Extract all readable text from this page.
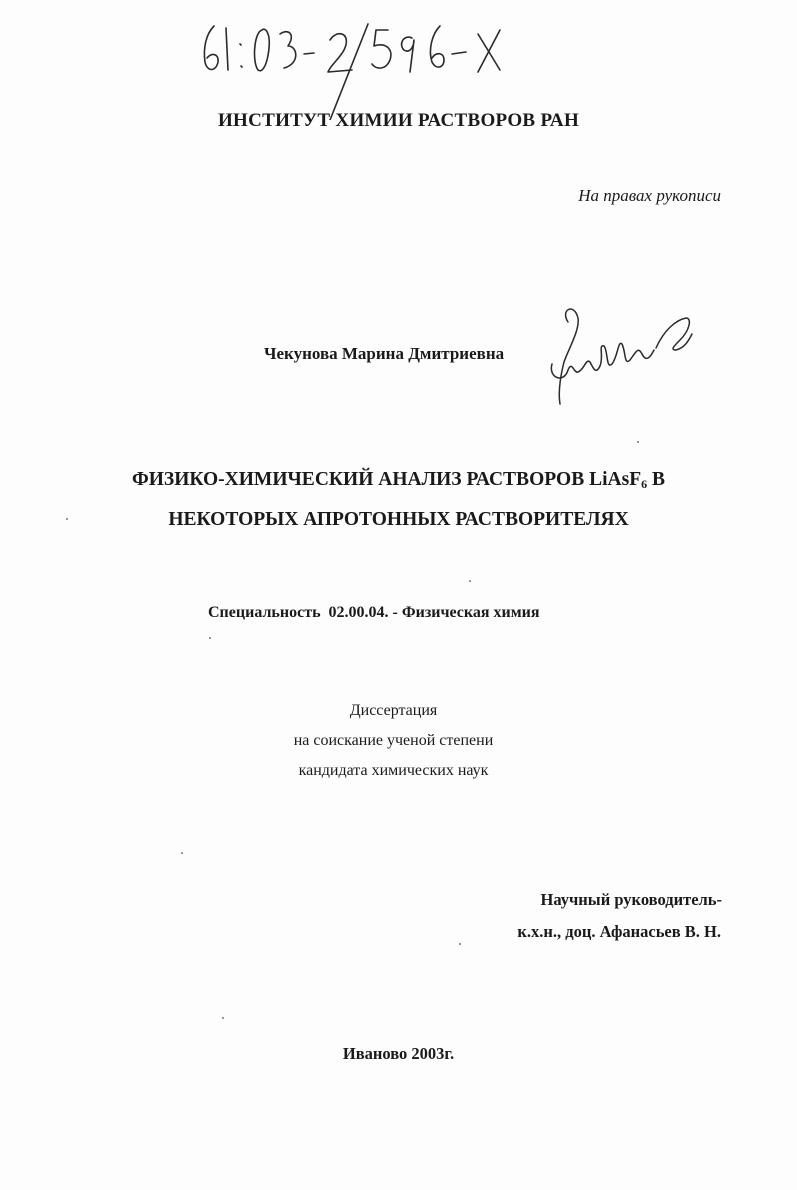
ИНСТИТУТ ХИМИИ РАСТВОРОВ РАН
На правах рукописи
Чекунова Марина Дмитриевна
ФИЗИКО-ХИМИЧЕСКИЙ АНАЛИЗ РАСТВОРОВ LiAsF$_6$ В
НЕКОТОРЫХ АПРОТОННЫХ РАСТВОРИТЕЛЯХ
Специальность  02.00.04. - Физическая химия
Диссертация
на соискание ученой степени
кандидата химических наук
Научный руководитель-
к.х.н., доц. Афанасьев В. Н.
Иваново 2003г.
